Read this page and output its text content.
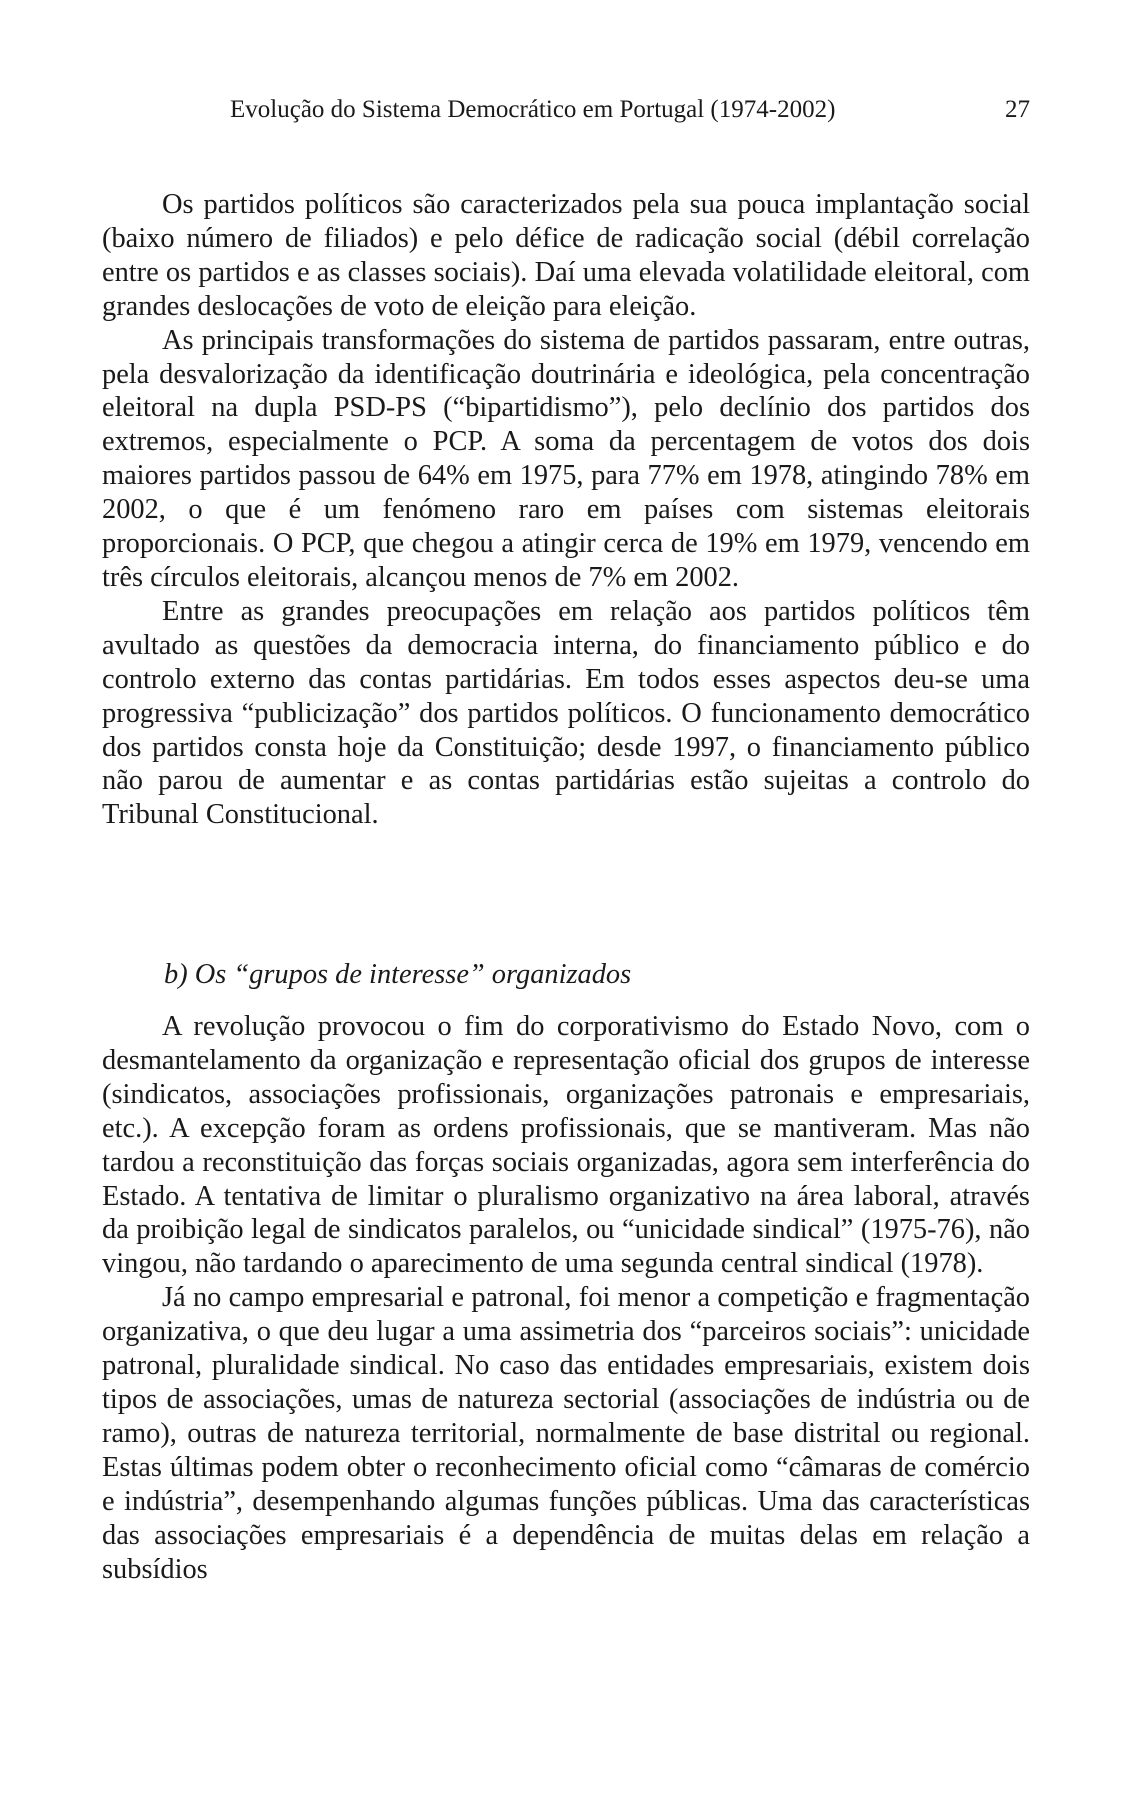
Evolução do Sistema Democrático em Portugal (1974-2002)	27

Os partidos políticos são caracterizados pela sua pouca implantação social (baixo número de filiados) e pelo défice de radicação social (débil correlação entre os partidos e as classes sociais). Daí uma elevada volatilidade eleitoral, com grandes deslocações de voto de eleição para eleição.

As principais transformações do sistema de partidos passaram, entre outras, pela desvalorização da identificação doutrinária e ideológica, pela concentração eleitoral na dupla PSD-PS (“bipartidismo”), pelo declínio dos partidos dos extremos, especialmente o PCP. A soma da percentagem de votos dos dois maiores partidos passou de 64% em 1975, para 77% em 1978, atingindo 78% em 2002, o que é um fenómeno raro em países com sistemas eleitorais proporcionais. O PCP, que chegou a atingir cerca de 19% em 1979, vencendo em três círculos eleitorais, alcançou menos de 7% em 2002.

Entre as grandes preocupações em relação aos partidos políticos têm avultado as questões da democracia interna, do financiamento público e do controlo externo das contas partidárias. Em todos esses aspectos deu-se uma progressiva “publicização” dos partidos políticos. O funcionamento democrático dos partidos consta hoje da Constituição; desde 1997, o financiamento público não parou de aumentar e as contas partidárias estão sujeitas a controlo do Tribunal Constitucional.

b) Os “grupos de interesse” organizados

A revolução provocou o fim do corporativismo do Estado Novo, com o desmantelamento da organização e representação oficial dos grupos de interesse (sindicatos, associações profissionais, organizações patronais e empresariais, etc.). A excepção foram as ordens profissionais, que se mantiveram. Mas não tardou a reconstituição das forças sociais organizadas, agora sem interferência do Estado. A tentativa de limitar o pluralismo organizativo na área laboral, através da proibição legal de sindicatos paralelos, ou “unicidade sindical” (1975-76), não vingou, não tardando o aparecimento de uma segunda central sindical (1978).

Já no campo empresarial e patronal, foi menor a competição e fragmentação organizativa, o que deu lugar a uma assimetria dos “parceiros sociais”: unicidade patronal, pluralidade sindical. No caso das entidades empresariais, existem dois tipos de associações, umas de natureza sectorial (associações de indústria ou de ramo), outras de natureza territorial, normalmente de base distrital ou regional. Estas últimas podem obter o reconhecimento oficial como “câmaras de comércio e indústria”, desempenhando algumas funções públicas. Uma das características das associações empresariais é a dependência de muitas delas em relação a subsídios
